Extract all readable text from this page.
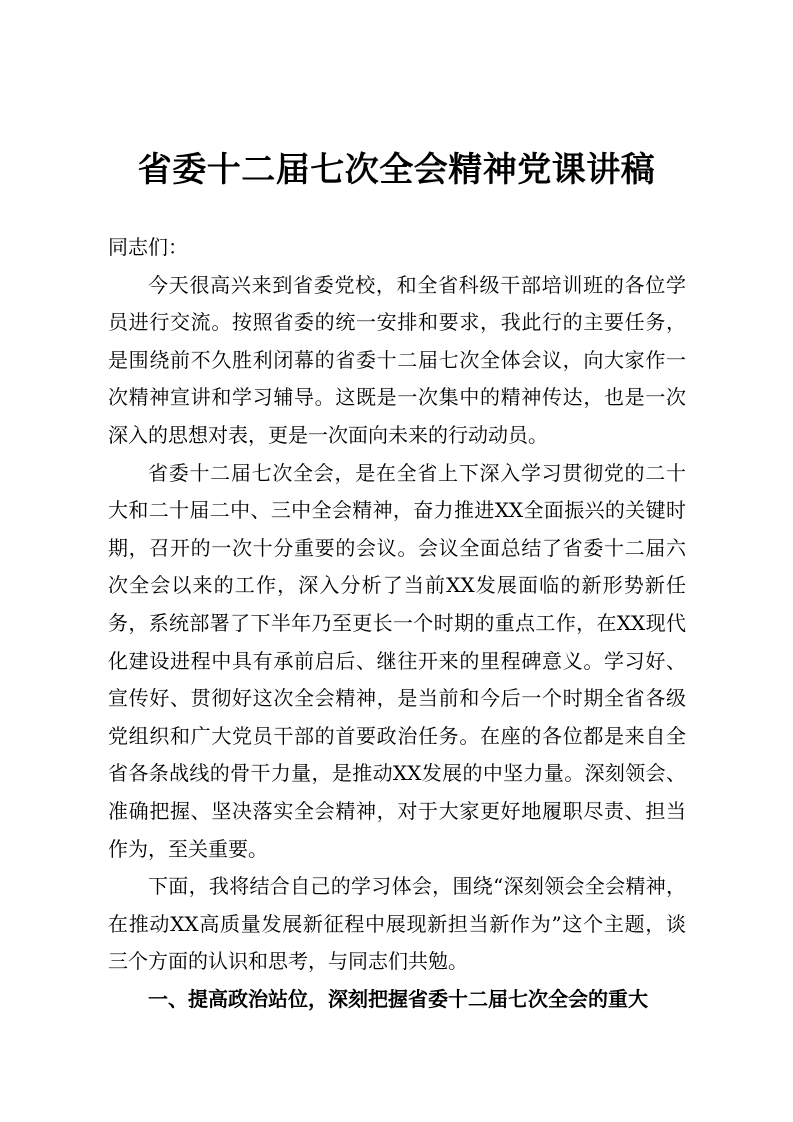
省委十二届七次全会精神党课讲稿

同志们：

今天很高兴来到省委党校，和全省科级干部培训班的各位学员进行交流。按照省委的统一安排和要求，我此行的主要任务，是围绕前不久胜利闭幕的省委十二届七次全体会议，向大家作一次精神宣讲和学习辅导。这既是一次集中的精神传达，也是一次深入的思想对表，更是一次面向未来的行动动员。

省委十二届七次全会，是在全省上下深入学习贯彻党的二十大和二十届二中、三中全会精神，奋力推进XX全面振兴的关键时期，召开的一次十分重要的会议。会议全面总结了省委十二届六次全会以来的工作，深入分析了当前XX发展面临的新形势新任务，系统部署了下半年乃至更长一个时期的重点工作，在XX现代化建设进程中具有承前启后、继往开来的里程碑意义。学习好、宣传好、贯彻好这次全会精神，是当前和今后一个时期全省各级党组织和广大党员干部的首要政治任务。在座的各位都是来自全省各条战线的骨干力量，是推动XX发展的中坚力量。深刻领会、准确把握、坚决落实全会精神，对于大家更好地履职尽责、担当作为，至关重要。

下面，我将结合自己的学习体会，围绕“深刻领会全会精神，在推动XX高质量发展新征程中展现新担当新作为”这个主题，谈三个方面的认识和思考，与同志们共勉。

一、提高政治站位，深刻把握省委十二届七次全会的重大
